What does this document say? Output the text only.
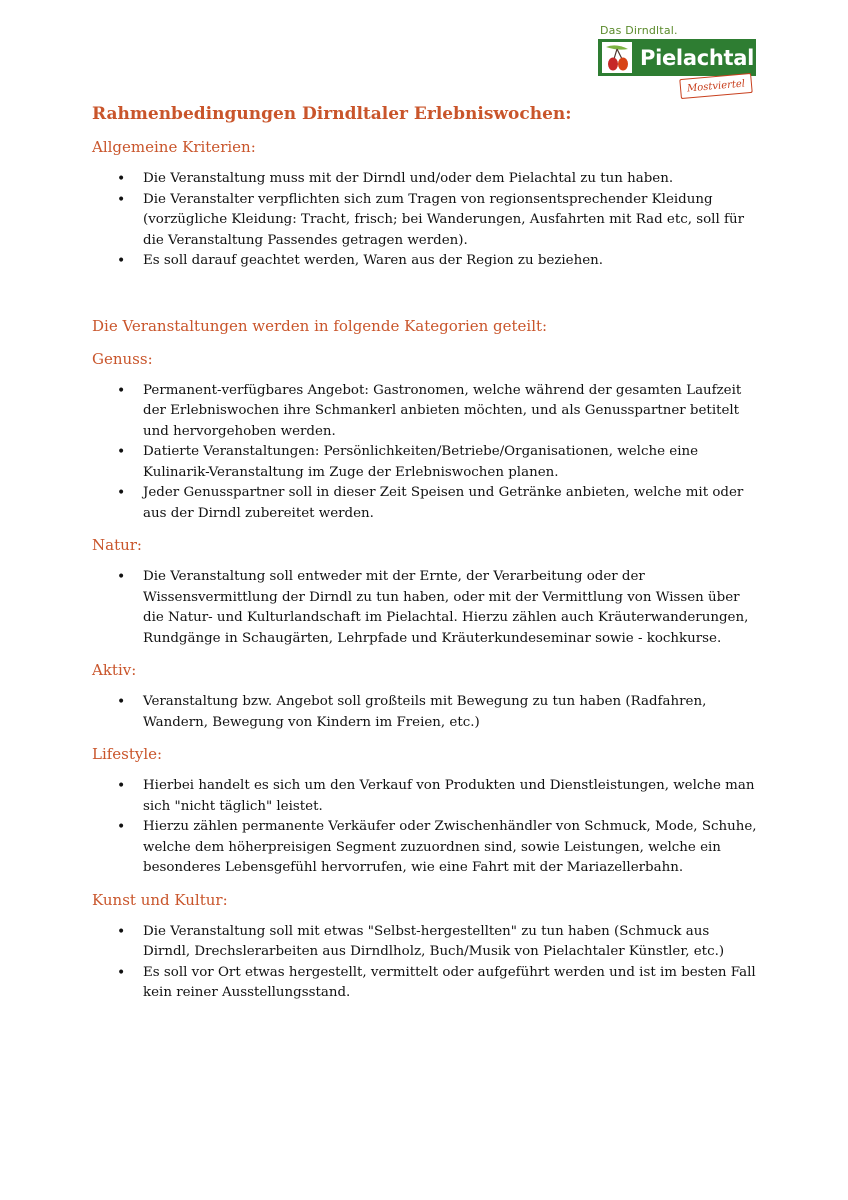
Das Dirndltal.
Pielachtal
Mostviertel
Rahmenbedingungen Dirndltaler Erlebniswochen:
Allgemeine Kriterien:
• Die Veranstaltung muss mit der Dirndl und/oder dem Pielachtal zu tun haben.
• Die Veranstalter verpflichten sich zum Tragen von regionsentsprechender Kleidung (vorzügliche Kleidung: Tracht, frisch; bei Wanderungen, Ausfahrten mit Rad etc, soll für die Veranstaltung Passendes getragen werden).
• Es soll darauf geachtet werden, Waren aus der Region zu beziehen.
Die Veranstaltungen werden in folgende Kategorien geteilt:
Genuss:
• Permanent-verfügbares Angebot: Gastronomen, welche während der gesamten Laufzeit der Erlebniswochen ihre Schmankerl anbieten möchten, und als Genusspartner betitelt und hervorgehoben werden.
• Datierte Veranstaltungen: Persönlichkeiten/Betriebe/Organisationen, welche eine Kulinarik-Veranstaltung im Zuge der Erlebniswochen planen.
• Jeder Genusspartner soll in dieser Zeit Speisen und Getränke anbieten, welche mit oder aus der Dirndl zubereitet werden.
Natur:
• Die Veranstaltung soll entweder mit der Ernte, der Verarbeitung oder der Wissensvermittlung der Dirndl zu tun haben, oder mit der Vermittlung von Wissen über die Natur- und Kulturlandschaft im Pielachtal. Hierzu zählen auch Kräuterwanderungen, Rundgänge in Schaugärten, Lehrpfade und Kräuterkundeseminar sowie - kochkurse.
Aktiv:
• Veranstaltung bzw. Angebot soll großteils mit Bewegung zu tun haben (Radfahren, Wandern, Bewegung von Kindern im Freien, etc.)
Lifestyle:
• Hierbei handelt es sich um den Verkauf von Produkten und Dienstleistungen, welche man sich "nicht täglich" leistet.
• Hierzu zählen permanente Verkäufer oder Zwischenhändler von Schmuck, Mode, Schuhe, welche dem höherpreisigen Segment zuzuordnen sind, sowie Leistungen, welche ein besonderes Lebensgefühl hervorrufen, wie eine Fahrt mit der Mariazellerbahn.
Kunst und Kultur:
• Die Veranstaltung soll mit etwas "Selbst-hergestellten" zu tun haben (Schmuck aus Dirndl, Drechslerarbeiten aus Dirndlholz, Buch/Musik von Pielachtaler Künstler, etc.)
• Es soll vor Ort etwas hergestellt, vermittelt oder aufgeführt werden und ist im besten Fall kein reiner Ausstellungsstand.
